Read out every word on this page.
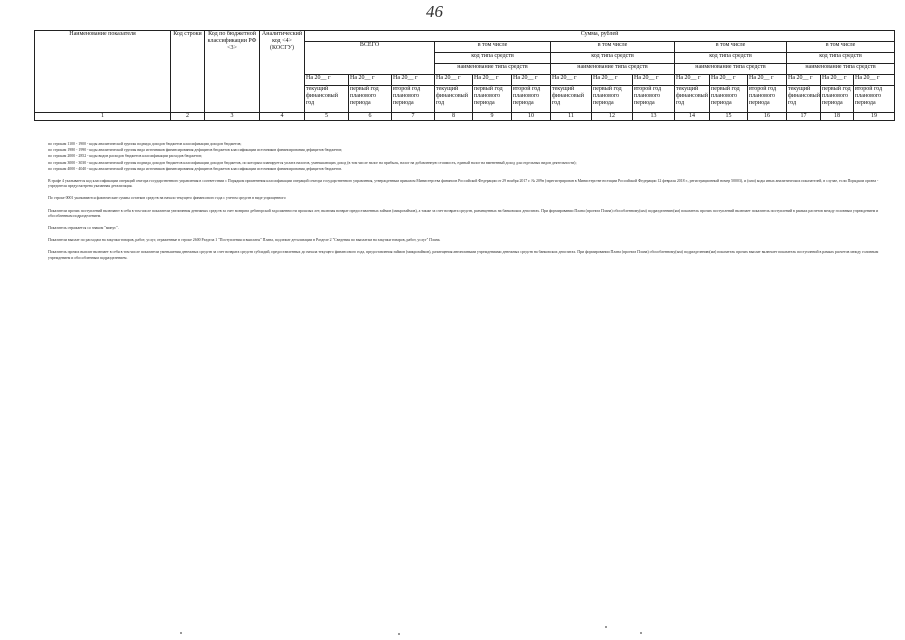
46
Наименование показателя	Код строки	Код по бюджетной классификации РФ <3>	Аналитический код <4> (КОСГУ)	Сумма, рублей														
				ВСЕГО			в том числе			в том числе			в том числе			в том числе		
							код типа средств			код типа средств			код типа средств			код типа средств		
							наименование типа средств			наименование типа средств			наименование типа средств			наименование типа средств		
				На 20__ г	На 20__ г	На 20__ г	На 20__ г	На 20__ г	На 20__ г	На 20__ г	На 20__ г	На 20__ г	На 20__ г	На 20__ г	На 20__ г	На 20__ г	На 20__ г	На 20__ г
				текущий финансовый год	первый год планового периода	второй год планового периода	текущий финансовый год	первый год планового периода	второй год планового периода	текущий финансовый год	первый год планового периода	второй год планового периода	текущий финансовый год	первый год планового периода	второй год планового периода	текущий финансовый год	первый год планового периода	второй год планового периода
1	2	3	4	5	6	7	8	9	10	11	12	13	14	15	16	17	18	19

по строкам 1100 - 1900 - коды аналитической группы подвида доходов бюджетов классификации доходов бюджетов;

по строкам 1980 - 1990 - коды аналитической группы вида источников финансирования дефицитов бюджетов классификации источников финансирования дефицитов бюджетов;

по строкам 2000 - 2852 - коды видов расходов бюджетов классификации расходов бюджетов;

по строкам 3000 - 3030 - коды аналитической группы подвида доходов бюджетов классификации доходов бюджетов, по которым планируется уплата налогов, уменьшающих доход (в том числе налог на прибыль, налог на добавленную стоимость, единый налог на вмененный доход для отдельных видов деятельности);

по строкам 4000 - 4040 - коды аналитической группы вида источников финансирования дефицитов бюджетов классификации источников финансирования дефицитов бюджетов.

В графе 4 указывается код классификации операций сектора государственного управления в соответствии с Порядком применения классификации операций сектора государственного управления, утвержденным приказом Министерства финансов Российской Федерации от 29 ноября 2017 г. № 209н (зарегистрирован в Министерстве юстиции Российской Федерации 12 февраля 2018 г., регистрационный номер 50003), и (или) коды иных аналитических показателей, в случае, если Порядком органа - учредителя предусмотрена указанная детализация.

По строке 0001 указываются фактические суммы остатков средств на начало текущего финансового года с учетом средств в виде упрощенного

Показатели прочих поступлений включают в себя в том числе показатели увеличения денежных средств за счет возврата дебиторской задолженности прошлых лет, включая возврат предоставленных займов (микрозаймов), а также за счет возврата средств, размещенных на банковских депозитах. При формировании Плана (проекта Плана) обособленному(ым) подразделению(ям) показатель прочих поступлений включает показатель поступлений в рамках расчетов между головным учреждением и обособленным подразделением.

Показатель отражается со знаком "минус".

Показатели выплат по расходам на закупки товаров, работ, услуг, отраженные в строке 2600 Раздела 1 "Поступления и выплаты" Плана, подлежат детализации в Разделе 2 "Сведения по выплатам на закупки товаров, работ, услуг" Плана.

Показатель прочих выплат включает в себя в том числе показатели уменьшения денежных средств за счет возврата средств субсидий, предоставленных до начала текущего финансового года, предоставления займов (микрозаймов), размещения автономными учреждениями денежных средств на банковских депозитах. При формировании Плана (проекта Плана) обособленному(ым) подразделению(ям) показатель прочих выплат включает показатель поступлений в рамках расчетов между головным учреждением и обособленным подразделением.
